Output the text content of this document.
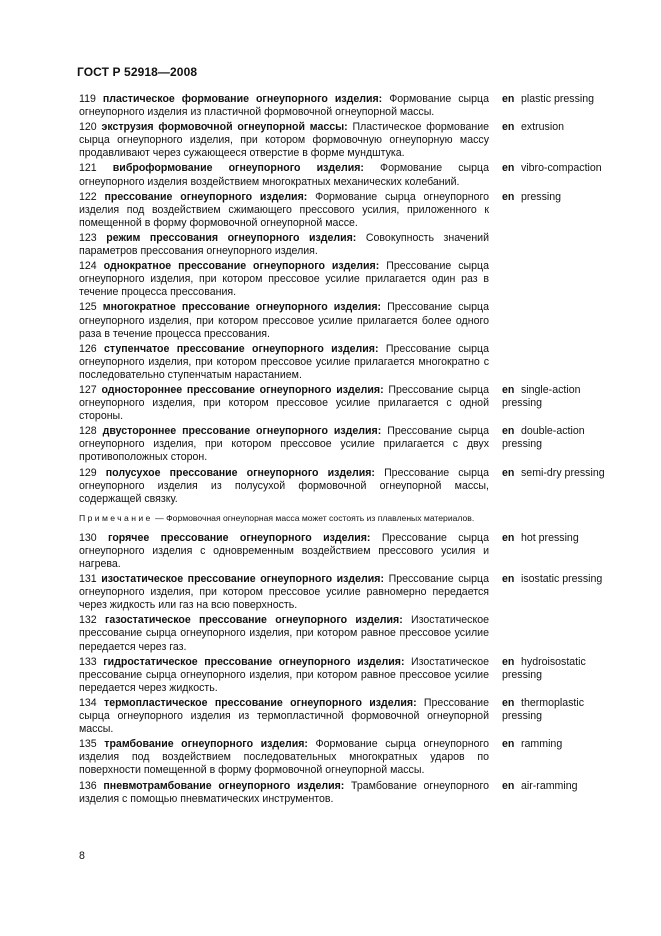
ГОСТ Р 52918—2008
119 пластическое формование огнеупорного изделия: Формование сырца огнеупорного изделия из пластичной формовочной огнеупорной массы.
en plastic pressing
120 экструзия формовочной огнеупорной массы: Пластическое формование сырца огнеупорного изделия, при котором формовочную огнеупорную массу продавливают через сужающееся отверстие в форме мундштука.
en extrusion
121 виброформование огнеупорного изделия: Формование сырца огнеупорного изделия воздействием многократных механических колебаний.
en vibro-compaction
122 прессование огнеупорного изделия: Формование сырца огнеупорного изделия под воздействием сжимающего прессового усилия, приложенного к помещенной в форму формовочной огнеупорной массе.
en pressing
123 режим прессования огнеупорного изделия: Совокупность значений параметров прессования огнеупорного изделия.
124 однократное прессование огнеупорного изделия: Прессование сырца огнеупорного изделия, при котором прессовое усилие прилагается один раз в течение процесса прессования.
125 многократное прессование огнеупорного изделия: Прессование сырца огнеупорного изделия, при котором прессовое усилие прилагается более одного раза в течение процесса прессования.
126 ступенчатое прессование огнеупорного изделия: Прессование сырца огнеупорного изделия, при котором прессовое усилие прилагается многократно с последовательно ступенчатым нарастанием.
127 одностороннее прессование огнеупорного изделия: Прессование сырца огнеупорного изделия, при котором прессовое усилие прилагается с одной стороны.
en single-action pressing
128 двустороннее прессование огнеупорного изделия: Прессование сырца огнеупорного изделия, при котором прессовое усилие прилагается с двух противоположных сторон.
en double-action pressing
129 полусухое прессование огнеупорного изделия: Прессование сырца огнеупорного изделия из полусухой формовочной огнеупорной массы, содержащей связку.
en semi-dry pressing
Примечание — Формовочная огнеупорная масса может состоять из плавленых материалов.
130 горячее прессование огнеупорного изделия: Прессование сырца огнеупорного изделия с одновременным воздействием прессового усилия и нагрева.
en hot pressing
131 изостатическое прессование огнеупорного изделия: Прессование сырца огнеупорного изделия, при котором прессовое усилие равномерно передается через жидкость или газ на всю поверхность.
en isostatic pressing
132 газостатическое прессование огнеупорного изделия: Изостатическое прессование сырца огнеупорного изделия, при котором равное прессовое усилие передается через газ.
133 гидростатическое прессование огнеупорного изделия: Изостатическое прессование сырца огнеупорного изделия, при котором равное прессовое усилие передается через жидкость.
en hydroisostatic pressing
134 термопластическое прессование огнеупорного изделия: Прессование сырца огнеупорного изделия из термопластичной формовочной огнеупорной массы.
en thermoplastic pressing
135 трамбование огнеупорного изделия: Формование сырца огнеупорного изделия под воздействием последовательных многократных ударов по поверхности помещенной в форму формовочной огнеупорной массы.
en ramming
136 пневмотрамбование огнеупорного изделия: Трамбование огнеупорного изделия с помощью пневматических инструментов.
en air-ramming
8
